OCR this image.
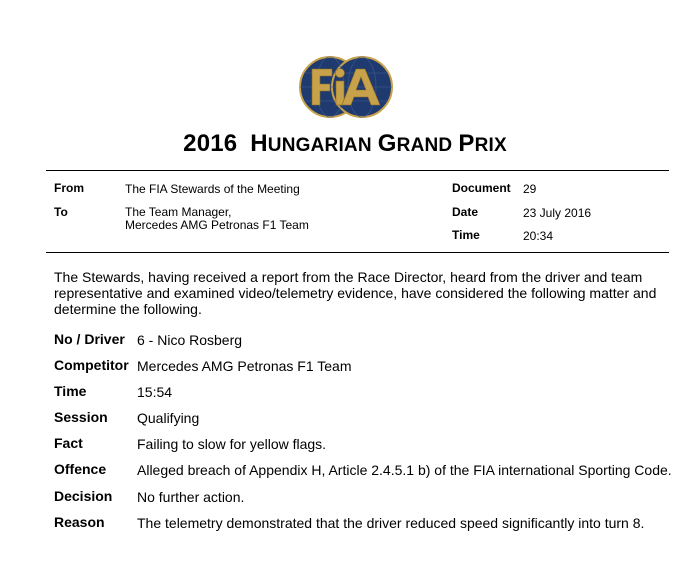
2016 HUNGARIAN GRAND PRIX
From	The FIA Stewards of the Meeting
To	The Team Manager,
Mercedes AMG Petronas F1 Team
Document 29
Date	23 July 2016
Time	20:34
The Stewards, having received a report from the Race Director, heard from the driver and team representative and examined video/telemetry evidence, have considered the following matter and determine the following.
No / Driver 6 - Nico Rosberg
Competitor Mercedes AMG Petronas F1 Team
Time	15:54
Session Qualifying
Fact	Failing to slow for yellow flags.
Offence Alleged breach of Appendix H, Article 2.4.5.1 b) of the FIA international Sporting Code.
Decision No further action.
Reason The telemetry demonstrated that the driver reduced speed significantly into turn 8.
